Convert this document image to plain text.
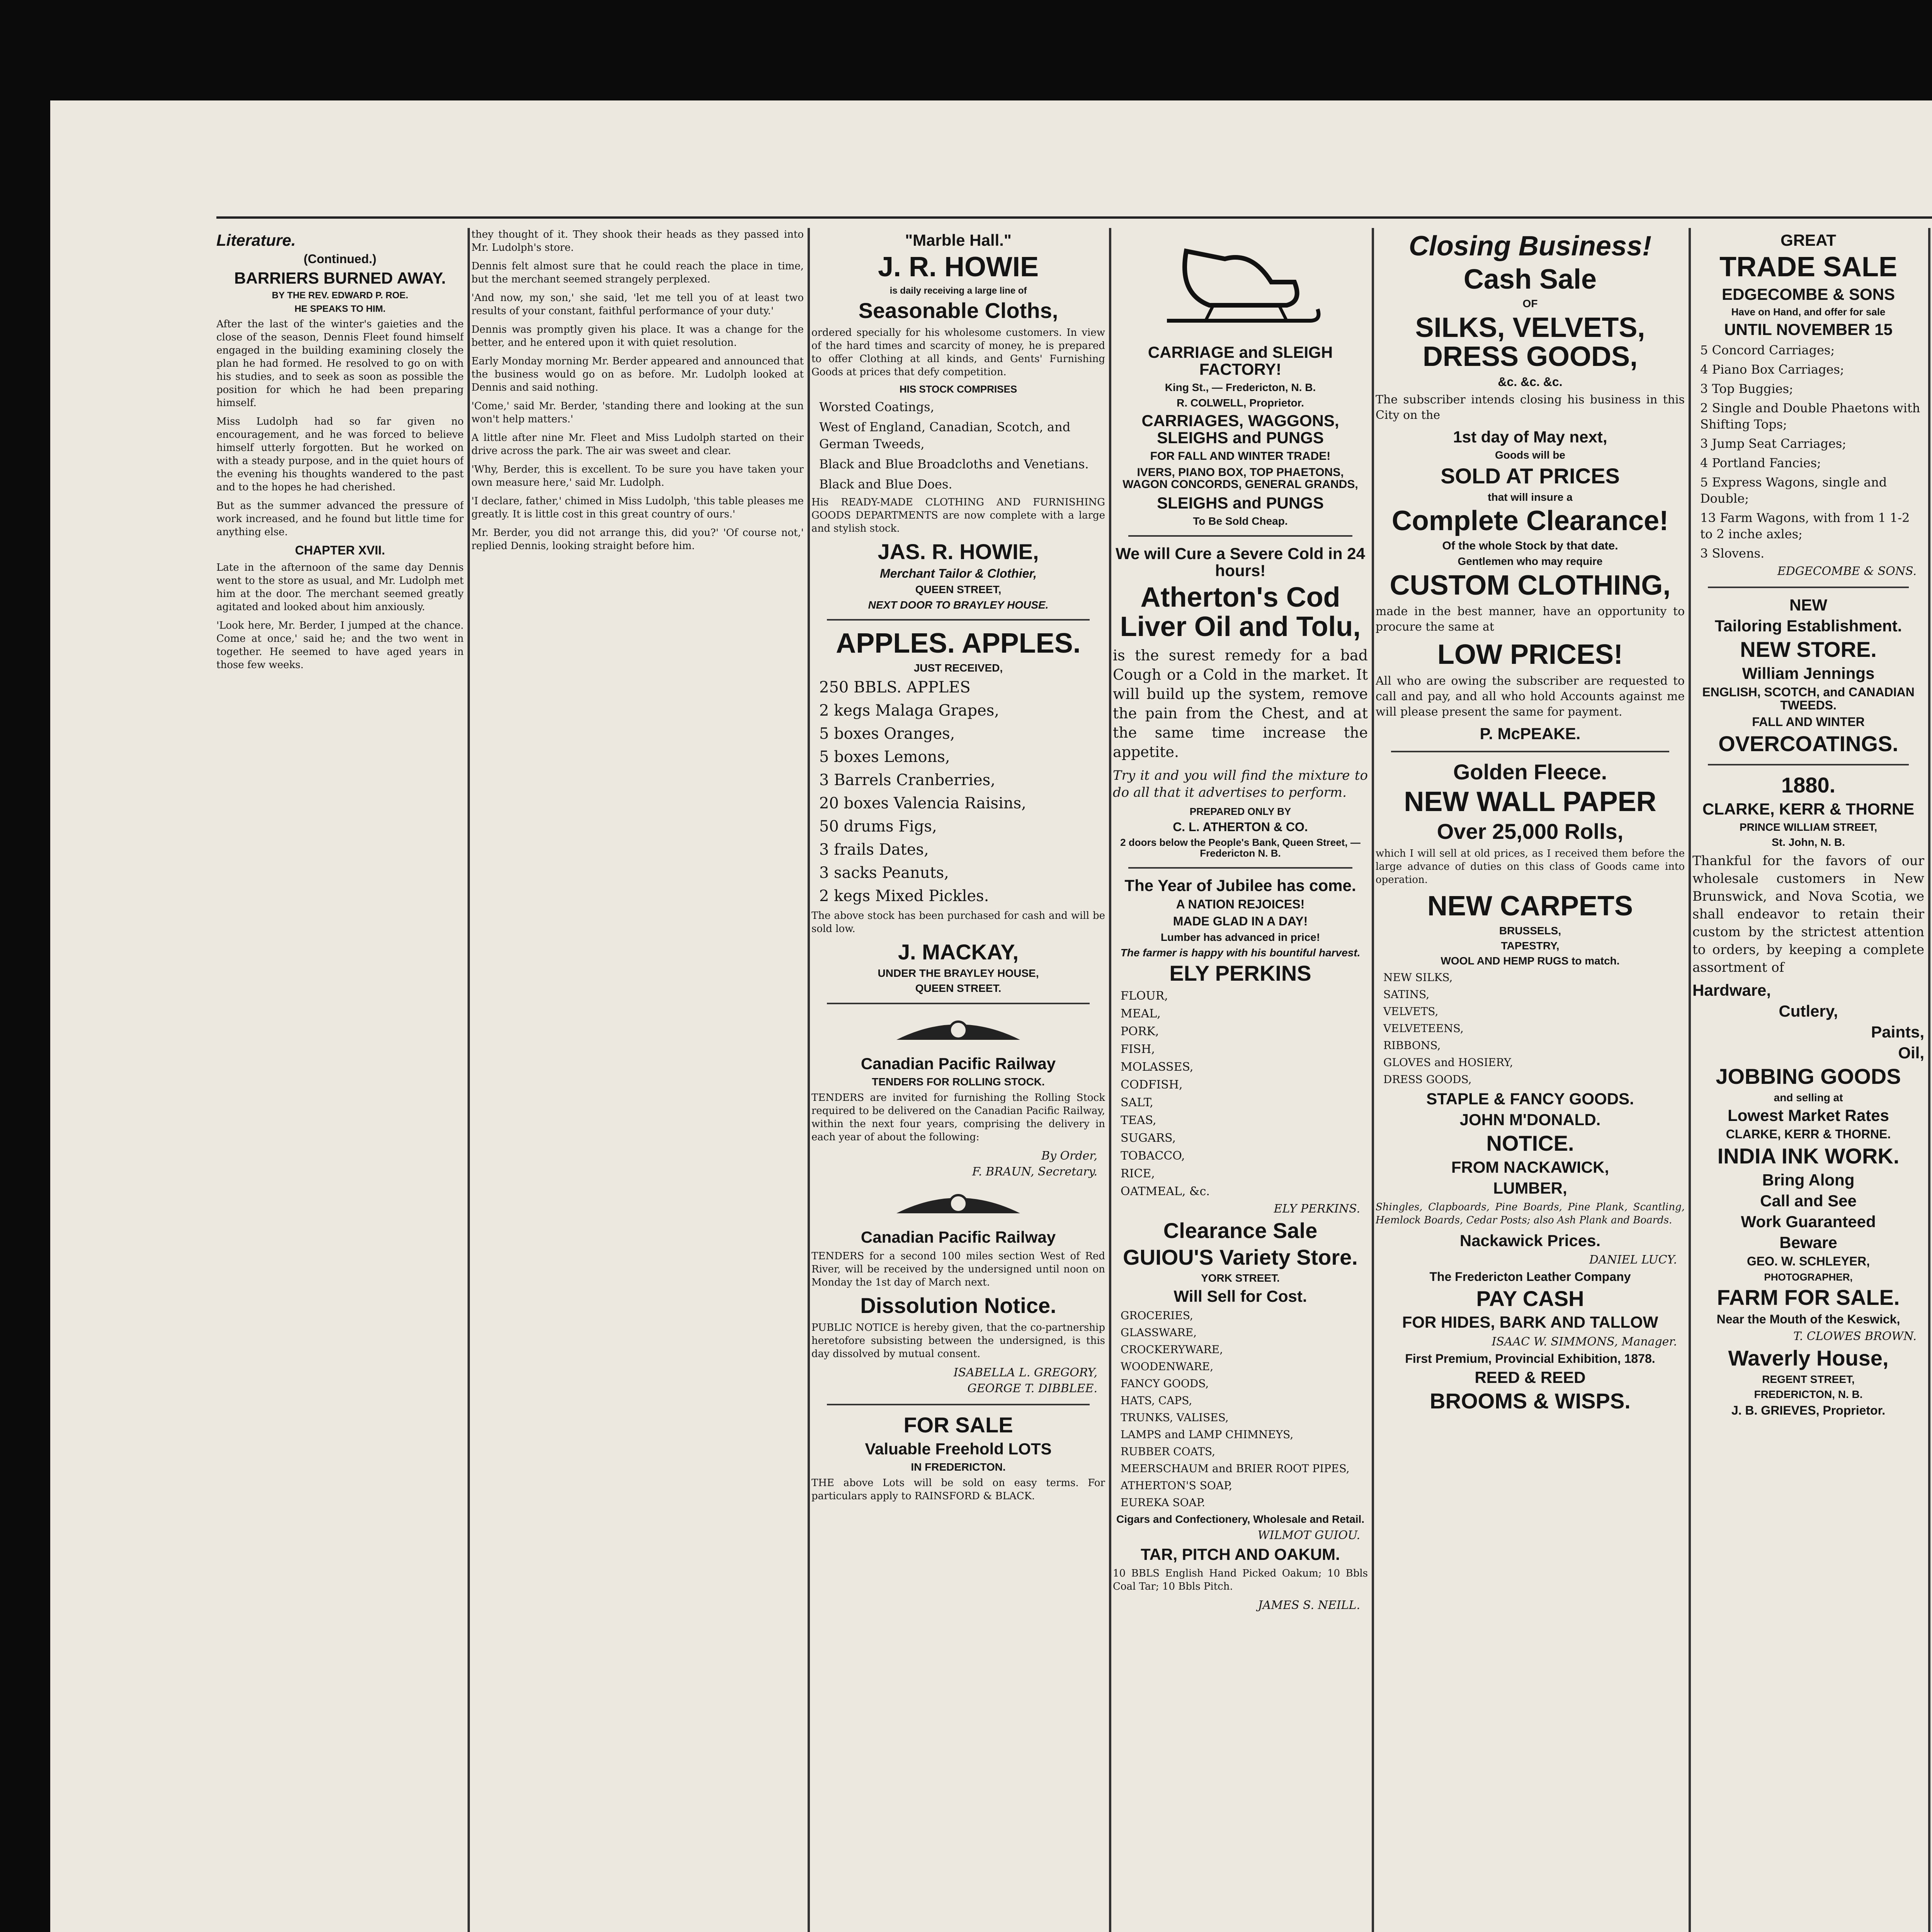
Literature.
(Continued.)
BARRIERS BURNED AWAY.
BY THE REV. EDWARD P. ROE.
HE SPEAKS TO HIM.

After the last of the winter's gaieties and the close of the season, Dennis Fleet found himself engaged in the building examining closely the plan he had formed. He resolved to go on with his studies, and to seek as soon as possible the position for which he had been preparing himself.

Miss Ludolph had so far given no encouragement, and he was forced to believe himself utterly forgotten. But he worked on with a steady purpose, and in the quiet hours of the evening his thoughts wandered to the past and to the hopes he had cherished.

But as the summer advanced the pressure of work increased, and he found but little time for anything else.

CHAPTER XVII.

Late in the afternoon of the same day Dennis went to the store as usual, and Mr. Ludolph met him at the door. The merchant seemed greatly agitated and looked about him anxiously.

'Look here, Mr. Berder, I jumped at the chance. Come at once,' said he; and the two went in together. He seemed to have aged years in those few weeks.

they thought of it. They shook their heads as they passed into Mr. Ludolph's store.

Dennis felt almost sure that he could reach the place in time, but the merchant seemed strangely perplexed.

'And now, my son,' she said, 'let me tell you of at least two results of your constant, faithful performance of your duty.'

Dennis was promptly given his place. It was a change for the better, and he entered upon it with quiet resolution.

Early Monday morning Mr. Berder appeared and announced that the business would go on as before. Mr. Ludolph looked at Dennis and said nothing.

'Come,' said Mr. Berder, 'standing there and looking at the sun won't help matters.'

A little after nine Mr. Fleet and Miss Ludolph started on their drive across the park. The air was sweet and clear.

'Why, Berder, this is excellent. To be sure you have taken your own measure here,' said Mr. Ludolph.

'I declare, father,' chimed in Miss Ludolph, 'this table pleases me greatly. It is little cost in this great country of ours.'

Mr. Berder, you did not arrange this, did you?' 'Of course not,' replied Dennis, looking straight before him.

"Marble Hall."
J. R. HOWIE
is daily receiving a large line of
Seasonable Cloths,

ordered specially for his wholesome customers. In view of the hard times and scarcity of money, he is prepared to offer Clothing at all kinds, and Gents' Furnishing Goods at prices that defy competition.

HIS STOCK COMPRISES
Worsted Coatings,
West of England, Canadian, Scotch, and German Tweeds,
Black and Blue Broadcloths and Venetians.
Black and Blue Does.

His READY-MADE CLOTHING AND FURNISHING GOODS DEPARTMENTS are now complete with a large and stylish stock.

JAS. R. HOWIE,
Merchant Tailor & Clothier,
QUEEN STREET,
NEXT DOOR TO BRAYLEY HOUSE.
APPLES. APPLES.
JUST RECEIVED,
250 BBLS. APPLES
2 kegs Malaga Grapes,
5 boxes Oranges,
5 boxes Lemons,
3 Barrels Cranberries,
20 boxes Valencia Raisins,
50 drums Figs,
3 frails Dates,
3 sacks Peanuts,
2 kegs Mixed Pickles.

The above stock has been purchased for cash and will be sold low.

J. MACKAY,
UNDER THE BRAYLEY HOUSE,
QUEEN STREET.
Canadian Pacific Railway
TENDERS FOR ROLLING STOCK.

TENDERS are invited for furnishing the Rolling Stock required to be delivered on the Canadian Pacific Railway, within the next four years, comprising the delivery in each year of about the following:

By Order,
F. BRAUN, Secretary.
Canadian Pacific Railway

TENDERS for a second 100 miles section West of Red River, will be received by the undersigned until noon on Monday the 1st day of March next.

Dissolution Notice.

PUBLIC NOTICE is hereby given, that the co-partnership heretofore subsisting between the undersigned, is this day dissolved by mutual consent.

ISABELLA L. GREGORY,
GEORGE T. DIBBLEE.
FOR SALE
Valuable Freehold LOTS
IN FREDERICTON.

THE above Lots will be sold on easy terms. For particulars apply to RAINSFORD & BLACK.

CARRIAGE and SLEIGH FACTORY!
King St., — Fredericton, N. B.
R. COLWELL, Proprietor.
CARRIAGES, WAGGONS, SLEIGHS and PUNGS
FOR FALL AND WINTER TRADE!
IVERS, PIANO BOX, TOP PHAETONS, WAGON CONCORDS, GENERAL GRANDS,
SLEIGHS and PUNGS
To Be Sold Cheap.
We will Cure a Severe Cold in 24 hours!
Atherton's Cod Liver Oil and Tolu,

is the surest remedy for a bad Cough or a Cold in the market. It will build up the system, remove the pain from the Chest, and at the same time increase the appetite.

Try it and you will find the mixture to do all that it advertises to perform.

PREPARED ONLY BY
C. L. ATHERTON & CO.
2 doors below the People's Bank, Queen Street, — Fredericton N. B.
The Year of Jubilee has come.
A NATION REJOICES!
MADE GLAD IN A DAY!
Lumber has advanced in price!
The farmer is happy with his bountiful harvest.
ELY PERKINS
FLOUR,
MEAL,
PORK,
FISH,
MOLASSES,
CODFISH,
SALT,
TEAS,
SUGARS,
TOBACCO,
RICE,
OATMEAL, &c.
ELY PERKINS.
Clearance Sale
GUIOU'S Variety Store.
YORK STREET.
Will Sell for Cost.
GROCERIES,
GLASSWARE,
CROCKERYWARE,
WOODENWARE,
FANCY GOODS,
HATS, CAPS,
TRUNKS, VALISES,
LAMPS and LAMP CHIMNEYS,
RUBBER COATS,
MEERSCHAUM and BRIER ROOT PIPES,
ATHERTON'S SOAP,
EUREKA SOAP.
Cigars and Confectionery, Wholesale and Retail.
WILMOT GUIOU.
TAR, PITCH AND OAKUM.

10 BBLS English Hand Picked Oakum; 10 Bbls Coal Tar; 10 Bbls Pitch.

JAMES S. NEILL.
Closing Business!
Cash Sale
OF
SILKS, VELVETS, DRESS GOODS,
&c. &c. &c.

The subscriber intends closing his business in this City on the

1st day of May next,
Goods will be
SOLD AT PRICES
that will insure a
Complete Clearance!
Of the whole Stock by that date.
Gentlemen who may require
CUSTOM CLOTHING,

made in the best manner, have an opportunity to procure the same at

LOW PRICES!

All who are owing the subscriber are requested to call and pay, and all who hold Accounts against me will please present the same for payment.

P. McPEAKE.
Golden Fleece.
NEW WALL PAPER
Over 25,000 Rolls,

which I will sell at old prices, as I received them before the large advance of duties on this class of Goods came into operation.

NEW CARPETS
BRUSSELS,
TAPESTRY,
WOOL AND HEMP RUGS to match.
NEW SILKS,
SATINS,
VELVETS,
VELVETEENS,
RIBBONS,
GLOVES and HOSIERY,
DRESS GOODS,
STAPLE & FANCY GOODS.
JOHN M'DONALD.
NOTICE.
FROM NACKAWICK,
LUMBER,

Shingles, Clapboards, Pine Boards, Pine Plank, Scantling, Hemlock Boards, Cedar Posts; also Ash Plank and Boards.

Nackawick Prices.
DANIEL LUCY.
The Fredericton Leather Company
PAY CASH
FOR HIDES, BARK AND TALLOW
ISAAC W. SIMMONS, Manager.
First Premium, Provincial Exhibition, 1878.
REED & REED
BROOMS & WISPS.
GREAT
TRADE SALE
EDGECOMBE & SONS
Have on Hand, and offer for sale
UNTIL NOVEMBER 15
5 Concord Carriages;
4 Piano Box Carriages;
3 Top Buggies;
2 Single and Double Phaetons with Shifting Tops;
3 Jump Seat Carriages;
4 Portland Fancies;
5 Express Wagons, single and Double;
13 Farm Wagons, with from 1 1-2 to 2 inche axles;
3 Slovens.
EDGECOMBE & SONS.
NEW
Tailoring Establishment.
NEW STORE.
William Jennings
ENGLISH, SCOTCH, and CANADIAN TWEEDS.
FALL AND WINTER
OVERCOATINGS.
1880.
CLARKE, KERR & THORNE
PRINCE WILLIAM STREET,
St. John, N. B.

Thankful for the favors of our wholesale customers in New Brunswick, and Nova Scotia, we shall endeavor to retain their custom by the strictest attention to orders, by keeping a complete assortment of

Hardware,
Cutlery,
Paints,
Oil,
JOBBING GOODS
and selling at
Lowest Market Rates
CLARKE, KERR & THORNE.
INDIA INK WORK.
Bring Along
Call and See
Work Guaranteed
Beware
GEO. W. SCHLEYER,
PHOTOGRAPHER,
FARM FOR SALE.
Near the Mouth of the Keswick,
T. CLOWES BROWN.
Waverly House,
REGENT STREET,
FREDERICTON, N. B.
J. B. GRIEVES, Proprietor.
